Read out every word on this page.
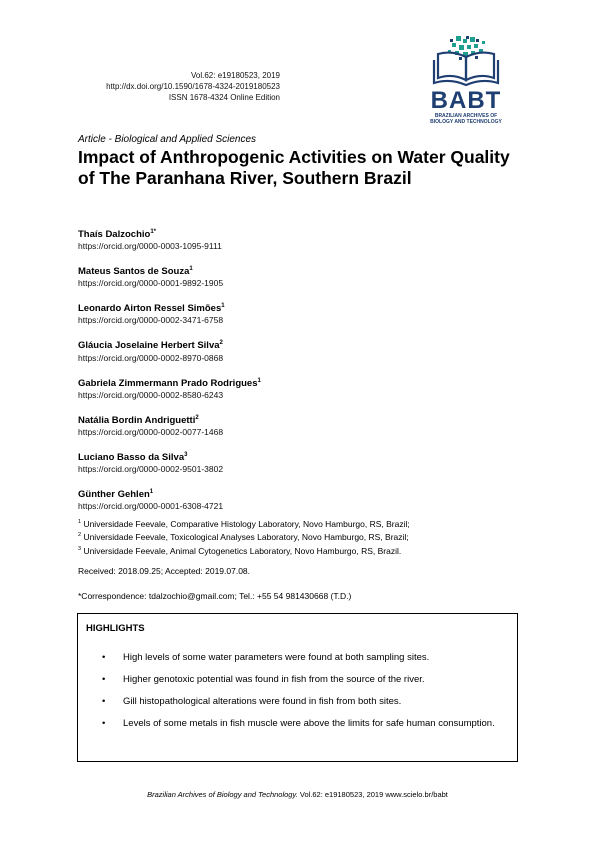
Vol.62: e19180523, 2019
http://dx.doi.org/10.1590/1678-4324-2019180523
ISSN 1678-4324 Online Edition	BABT
BRAZILIAN ARCHIVES OF
BIOLOGY AND TECHNOLOGY
Article - Biological and Applied Sciences
Impact of Anthropogenic Activities on Water Quality of The Paranhana River, Southern Brazil
Thaís Dalzochio$^{1*}$
https://orcid.org/0000-0003-1095-9111
Mateus Santos de Souza$^1$
https://orcid.org/0000-0001-9892-1905
Leonardo Airton Ressel Simões$^1$
https://orcid.org/0000-0002-3471-6758
Gláucia Joselaine Herbert Silva$^2$
https://orcid.org/0000-0002-8970-0868
Gabriela Zimmermann Prado Rodrigues$^1$
https://orcid.org/0000-0002-8580-6243
Natália Bordin Andriguetti$^2$
https://orcid.org/0000-0002-0077-1468
Luciano Basso da Silva$^3$
https://orcid.org/0000-0002-9501-3802
Günther Gehlen$^1$
https://orcid.org/0000-0001-6308-4721
$^1$ Universidade Feevale, Comparative Histology Laboratory, Novo Hamburgo, RS, Brazil;
$^2$ Universidade Feevale, Toxicological Analyses Laboratory, Novo Hamburgo, RS, Brazil;
$^3$ Universidade Feevale, Animal Cytogenetics Laboratory, Novo Hamburgo, RS, Brazil.
Received: 2018.09.25; Accepted: 2019.07.08.
*Correspondence: tdalzochio@gmail.com; Tel.: +55 54 981430668 (T.D.)
HIGHLIGHTS
• High levels of some water parameters were found at both sampling sites.
• Higher genotoxic potential was found in fish from the source of the river.
• Gill histopathological alterations were found in fish from both sites.
• Levels of some metals in fish muscle were above the limits for safe human consumption.
Brazilian Archives of Biology and Technology. Vol.62: e19180523, 2019 www.scielo.br/babt
